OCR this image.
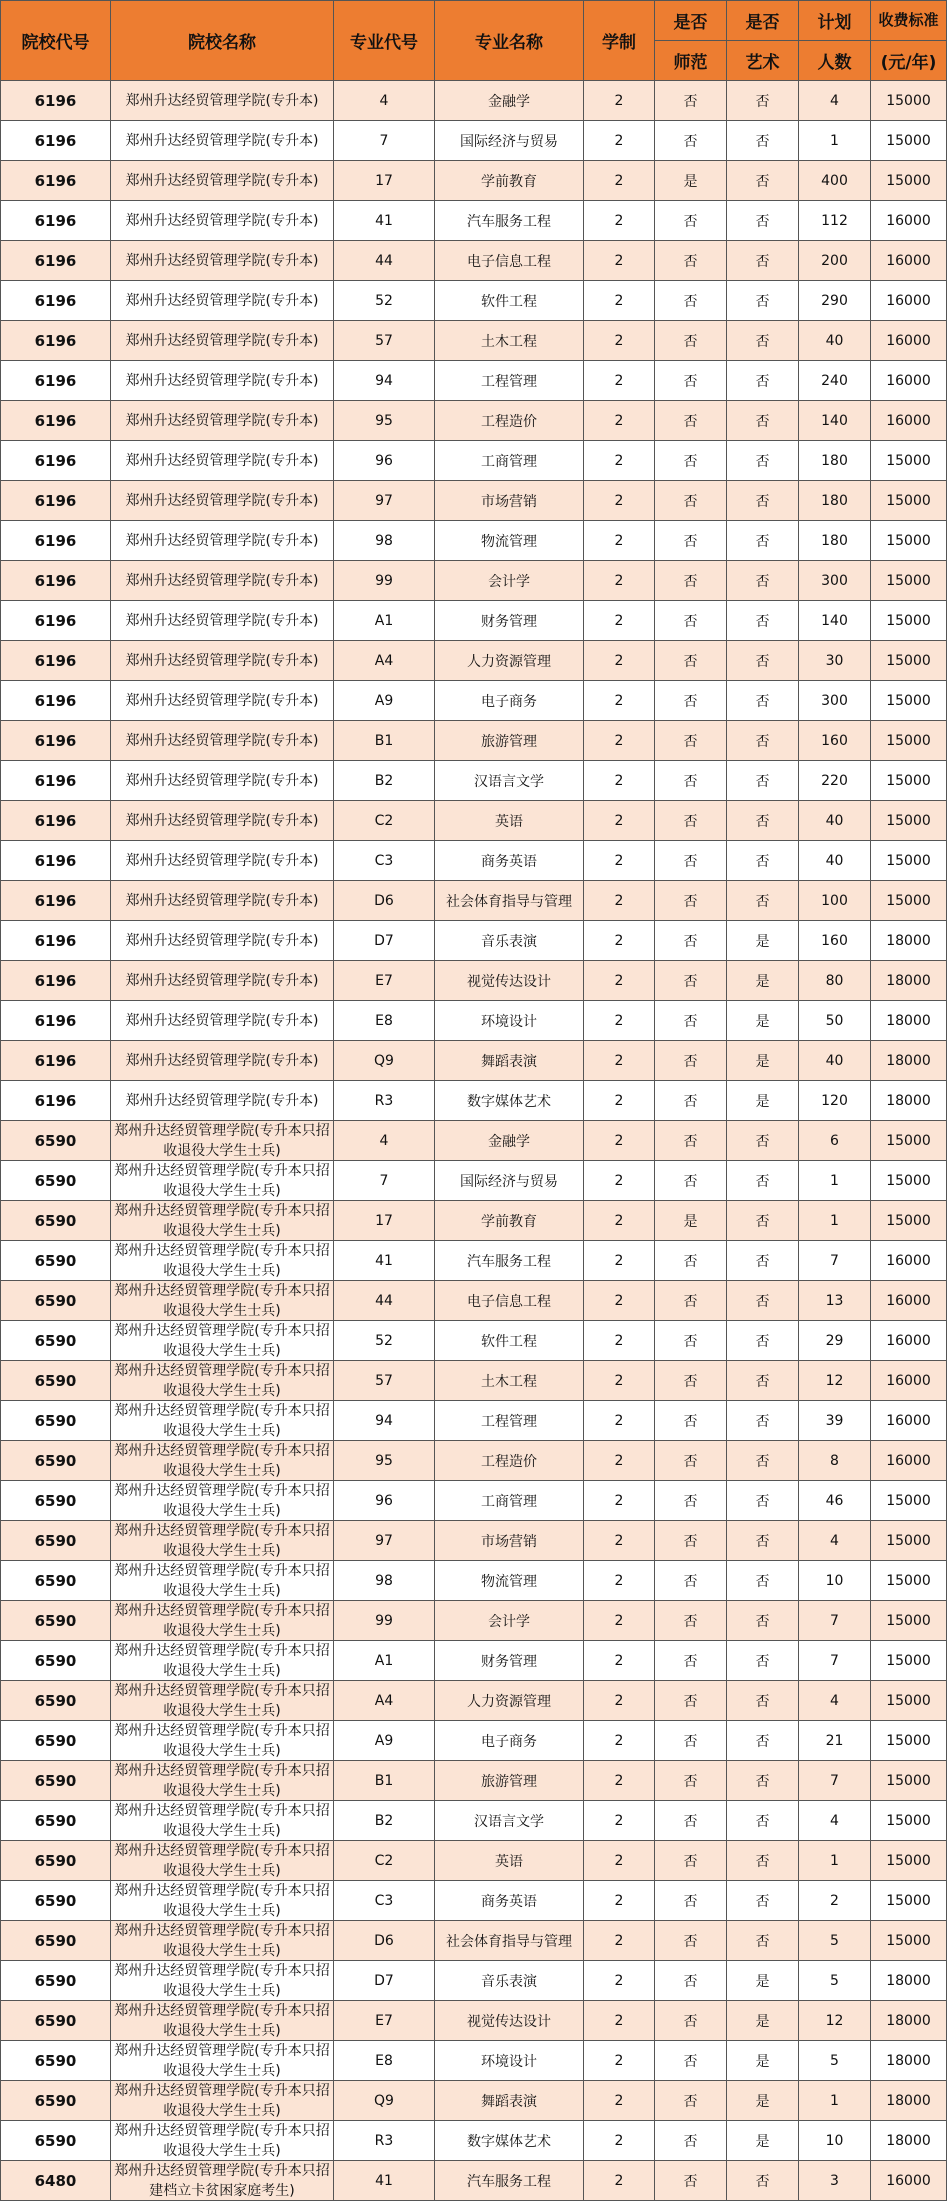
院校代号	院校名称	专业代号	专业名称	学制	是否	是否	计划	收费标准
					师范	艺术	人数	(元/年)
6196	郑州升达经贸管理学院(专升本)	4	金融学	2	否	否	4	15000
6196	郑州升达经贸管理学院(专升本)	7	国际经济与贸易	2	否	否	1	15000
6196	郑州升达经贸管理学院(专升本)	17	学前教育	2	是	否	400	15000
6196	郑州升达经贸管理学院(专升本)	41	汽车服务工程	2	否	否	112	16000
6196	郑州升达经贸管理学院(专升本)	44	电子信息工程	2	否	否	200	16000
6196	郑州升达经贸管理学院(专升本)	52	软件工程	2	否	否	290	16000
6196	郑州升达经贸管理学院(专升本)	57	土木工程	2	否	否	40	16000
6196	郑州升达经贸管理学院(专升本)	94	工程管理	2	否	否	240	16000
6196	郑州升达经贸管理学院(专升本)	95	工程造价	2	否	否	140	16000
6196	郑州升达经贸管理学院(专升本)	96	工商管理	2	否	否	180	15000
6196	郑州升达经贸管理学院(专升本)	97	市场营销	2	否	否	180	15000
6196	郑州升达经贸管理学院(专升本)	98	物流管理	2	否	否	180	15000
6196	郑州升达经贸管理学院(专升本)	99	会计学	2	否	否	300	15000
6196	郑州升达经贸管理学院(专升本)	A1	财务管理	2	否	否	140	15000
6196	郑州升达经贸管理学院(专升本)	A4	人力资源管理	2	否	否	30	15000
6196	郑州升达经贸管理学院(专升本)	A9	电子商务	2	否	否	300	15000
6196	郑州升达经贸管理学院(专升本)	B1	旅游管理	2	否	否	160	15000
6196	郑州升达经贸管理学院(专升本)	B2	汉语言文学	2	否	否	220	15000
6196	郑州升达经贸管理学院(专升本)	C2	英语	2	否	否	40	15000
6196	郑州升达经贸管理学院(专升本)	C3	商务英语	2	否	否	40	15000
6196	郑州升达经贸管理学院(专升本)	D6	社会体育指导与管理	2	否	否	100	15000
6196	郑州升达经贸管理学院(专升本)	D7	音乐表演	2	否	是	160	18000
6196	郑州升达经贸管理学院(专升本)	E7	视觉传达设计	2	否	是	80	18000
6196	郑州升达经贸管理学院(专升本)	E8	环境设计	2	否	是	50	18000
6196	郑州升达经贸管理学院(专升本)	Q9	舞蹈表演	2	否	是	40	18000
6196	郑州升达经贸管理学院(专升本)	R3	数字媒体艺术	2	否	是	120	18000
6590	郑州升达经贸管理学院(专升本只招收退役大学生士兵)	4	金融学	2	否	否	6	15000
6590	郑州升达经贸管理学院(专升本只招收退役大学生士兵)	7	国际经济与贸易	2	否	否	1	15000
6590	郑州升达经贸管理学院(专升本只招收退役大学生士兵)	17	学前教育	2	是	否	1	15000
6590	郑州升达经贸管理学院(专升本只招收退役大学生士兵)	41	汽车服务工程	2	否	否	7	16000
6590	郑州升达经贸管理学院(专升本只招收退役大学生士兵)	44	电子信息工程	2	否	否	13	16000
6590	郑州升达经贸管理学院(专升本只招收退役大学生士兵)	52	软件工程	2	否	否	29	16000
6590	郑州升达经贸管理学院(专升本只招收退役大学生士兵)	57	土木工程	2	否	否	12	16000
6590	郑州升达经贸管理学院(专升本只招收退役大学生士兵)	94	工程管理	2	否	否	39	16000
6590	郑州升达经贸管理学院(专升本只招收退役大学生士兵)	95	工程造价	2	否	否	8	16000
6590	郑州升达经贸管理学院(专升本只招收退役大学生士兵)	96	工商管理	2	否	否	46	15000
6590	郑州升达经贸管理学院(专升本只招收退役大学生士兵)	97	市场营销	2	否	否	4	15000
6590	郑州升达经贸管理学院(专升本只招收退役大学生士兵)	98	物流管理	2	否	否	10	15000
6590	郑州升达经贸管理学院(专升本只招收退役大学生士兵)	99	会计学	2	否	否	7	15000
6590	郑州升达经贸管理学院(专升本只招收退役大学生士兵)	A1	财务管理	2	否	否	7	15000
6590	郑州升达经贸管理学院(专升本只招收退役大学生士兵)	A4	人力资源管理	2	否	否	4	15000
6590	郑州升达经贸管理学院(专升本只招收退役大学生士兵)	A9	电子商务	2	否	否	21	15000
6590	郑州升达经贸管理学院(专升本只招收退役大学生士兵)	B1	旅游管理	2	否	否	7	15000
6590	郑州升达经贸管理学院(专升本只招收退役大学生士兵)	B2	汉语言文学	2	否	否	4	15000
6590	郑州升达经贸管理学院(专升本只招收退役大学生士兵)	C2	英语	2	否	否	1	15000
6590	郑州升达经贸管理学院(专升本只招收退役大学生士兵)	C3	商务英语	2	否	否	2	15000
6590	郑州升达经贸管理学院(专升本只招收退役大学生士兵)	D6	社会体育指导与管理	2	否	否	5	15000
6590	郑州升达经贸管理学院(专升本只招收退役大学生士兵)	D7	音乐表演	2	否	是	5	18000
6590	郑州升达经贸管理学院(专升本只招收退役大学生士兵)	E7	视觉传达设计	2	否	是	12	18000
6590	郑州升达经贸管理学院(专升本只招收退役大学生士兵)	E8	环境设计	2	否	是	5	18000
6590	郑州升达经贸管理学院(专升本只招收退役大学生士兵)	Q9	舞蹈表演	2	否	是	1	18000
6590	郑州升达经贸管理学院(专升本只招收退役大学生士兵)	R3	数字媒体艺术	2	否	是	10	18000
6480	郑州升达经贸管理学院(专升本只招建档立卡贫困家庭考生)	41	汽车服务工程	2	否	否	3	16000
